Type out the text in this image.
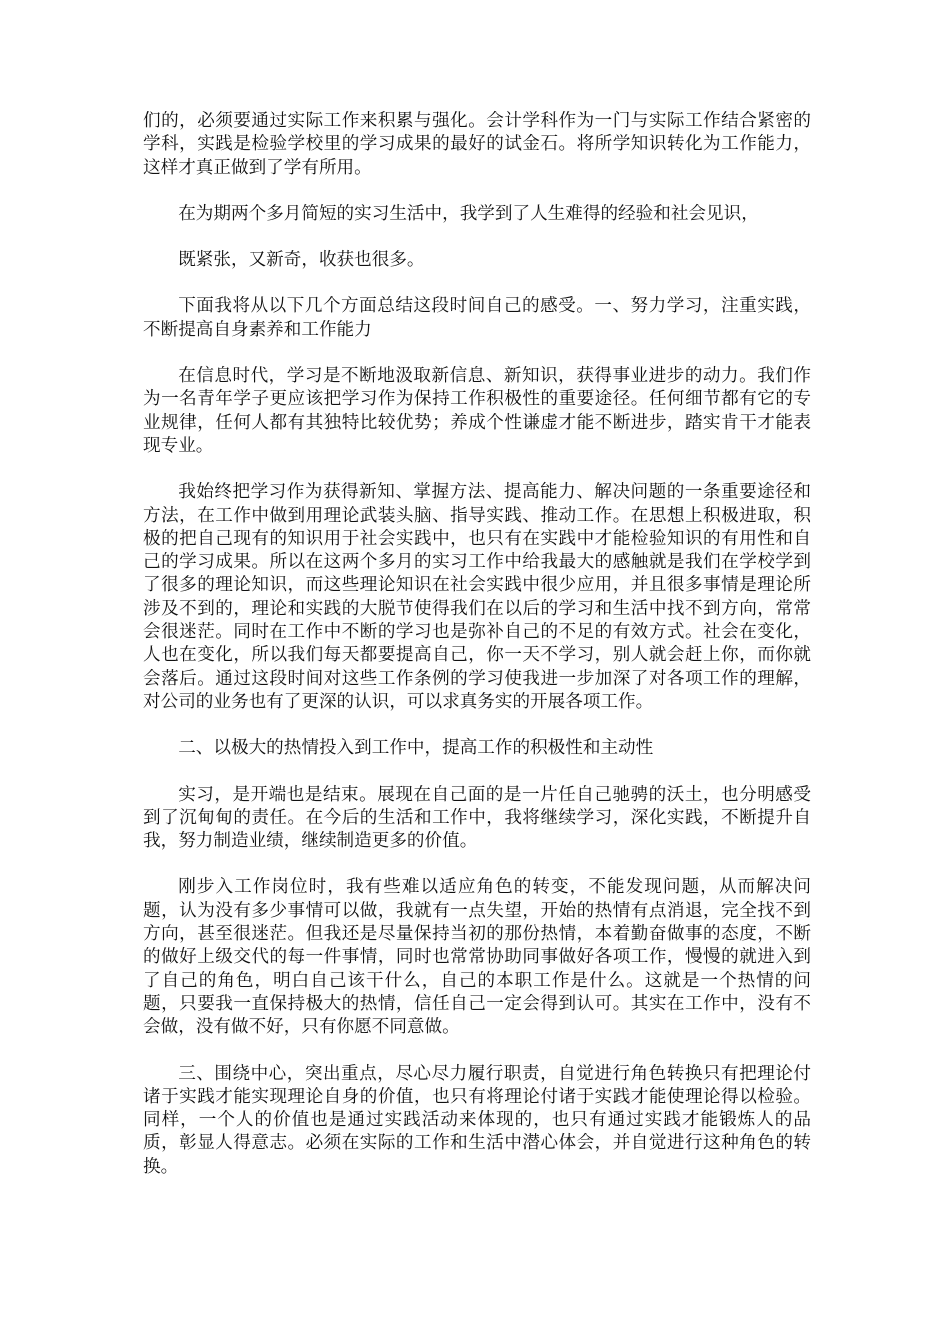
们的，必须要通过实际工作来积累与强化。会计学科作为一门与实际工作结合紧密的学科，实践是检验学校里的学习成果的最好的试金石。将所学知识转化为工作能力，这样才真正做到了学有所用。

在为期两个多月简短的实习生活中，我学到了人生难得的经验和社会见识，

既紧张，又新奇，收获也很多。

下面我将从以下几个方面总结这段时间自己的感受。一、努力学习，注重实践，不断提高自身素养和工作能力

在信息时代，学习是不断地汲取新信息、新知识，获得事业进步的动力。我们作为一名青年学子更应该把学习作为保持工作积极性的重要途径。任何细节都有它的专业规律，任何人都有其独特比较优势；养成个性谦虚才能不断进步，踏实肯干才能表现专业。

我始终把学习作为获得新知、掌握方法、提高能力、解决问题的一条重要途径和方法，在工作中做到用理论武装头脑、指导实践、推动工作。在思想上积极进取，积极的把自己现有的知识用于社会实践中，也只有在实践中才能检验知识的有用性和自己的学习成果。所以在这两个多月的实习工作中给我最大的感触就是我们在学校学到了很多的理论知识，而这些理论知识在社会实践中很少应用，并且很多事情是理论所涉及不到的，理论和实践的大脱节使得我们在以后的学习和生活中找不到方向，常常会很迷茫。同时在工作中不断的学习也是弥补自己的不足的有效方式。社会在变化，人也在变化，所以我们每天都要提高自己，你一天不学习，别人就会赶上你，而你就会落后。通过这段时间对这些工作条例的学习使我进一步加深了对各项工作的理解，对公司的业务也有了更深的认识，可以求真务实的开展各项工作。

二、以极大的热情投入到工作中，提高工作的积极性和主动性

实习，是开端也是结束。展现在自己面的是一片任自己驰骋的沃土，也分明感受到了沉甸甸的责任。在今后的生活和工作中，我将继续学习，深化实践，不断提升自我，努力制造业绩，继续制造更多的价值。

刚步入工作岗位时，我有些难以适应角色的转变，不能发现问题，从而解决问题，认为没有多少事情可以做，我就有一点失望，开始的热情有点消退，完全找不到方向，甚至很迷茫。但我还是尽量保持当初的那份热情，本着勤奋做事的态度，不断的做好上级交代的每一件事情，同时也常常协助同事做好各项工作，慢慢的就进入到了自己的角色，明白自己该干什么，自己的本职工作是什么。这就是一个热情的问题，只要我一直保持极大的热情，信任自己一定会得到认可。其实在工作中，没有不会做，没有做不好，只有你愿不同意做。

三、围绕中心，突出重点，尽心尽力履行职责，自觉进行角色转换只有把理论付诸于实践才能实现理论自身的价值，也只有将理论付诸于实践才能使理论得以检验。同样，一个人的价值也是通过实践活动来体现的，也只有通过实践才能锻炼人的品质，彰显人得意志。必须在实际的工作和生活中潜心体会，并自觉进行这种角色的转换。
